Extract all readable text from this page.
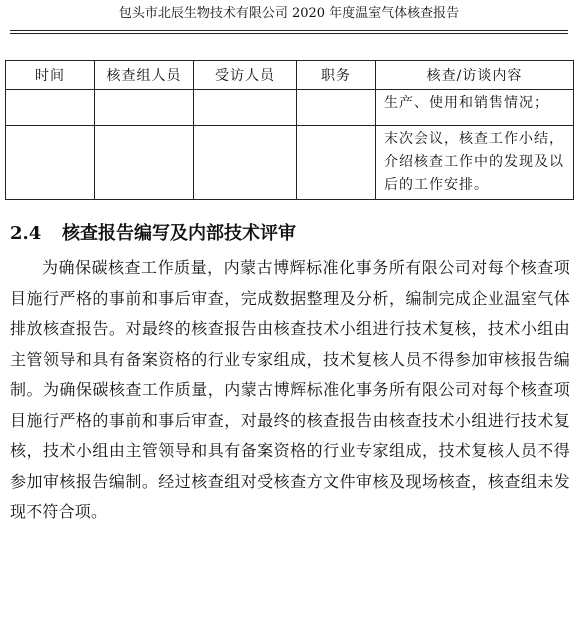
包头市北辰生物技术有限公司 2020 年度温室气体核查报告
时间	核查组人员	受访人员	职务	核查/访谈内容
				生产、使用和销售情况；
				末次会议，核查工作小结，介绍核查工作中的发现及以后的工作安排。
2.4 核查报告编写及内部技术评审

为确保碳核查工作质量，内蒙古博辉标准化事务所有限公司对每个核查项目施行严格的事前和事后审查，完成数据整理及分析，编制完成企业温室气体排放核查报告。对最终的核查报告由核查技术小组进行技术复核，技术小组由主管领导和具有备案资格的行业专家组成，技术复核人员不得参加审核报告编制。为确保碳核查工作质量，内蒙古博辉标准化事务所有限公司对每个核查项目施行严格的事前和事后审查，对最终的核查报告由核查技术小组进行技术复核，技术小组由主管领导和具有备案资格的行业专家组成，技术复核人员不得参加审核报告编制。经过核查组对受核查方文件审核及现场核查，核查组未发现不符合项。
